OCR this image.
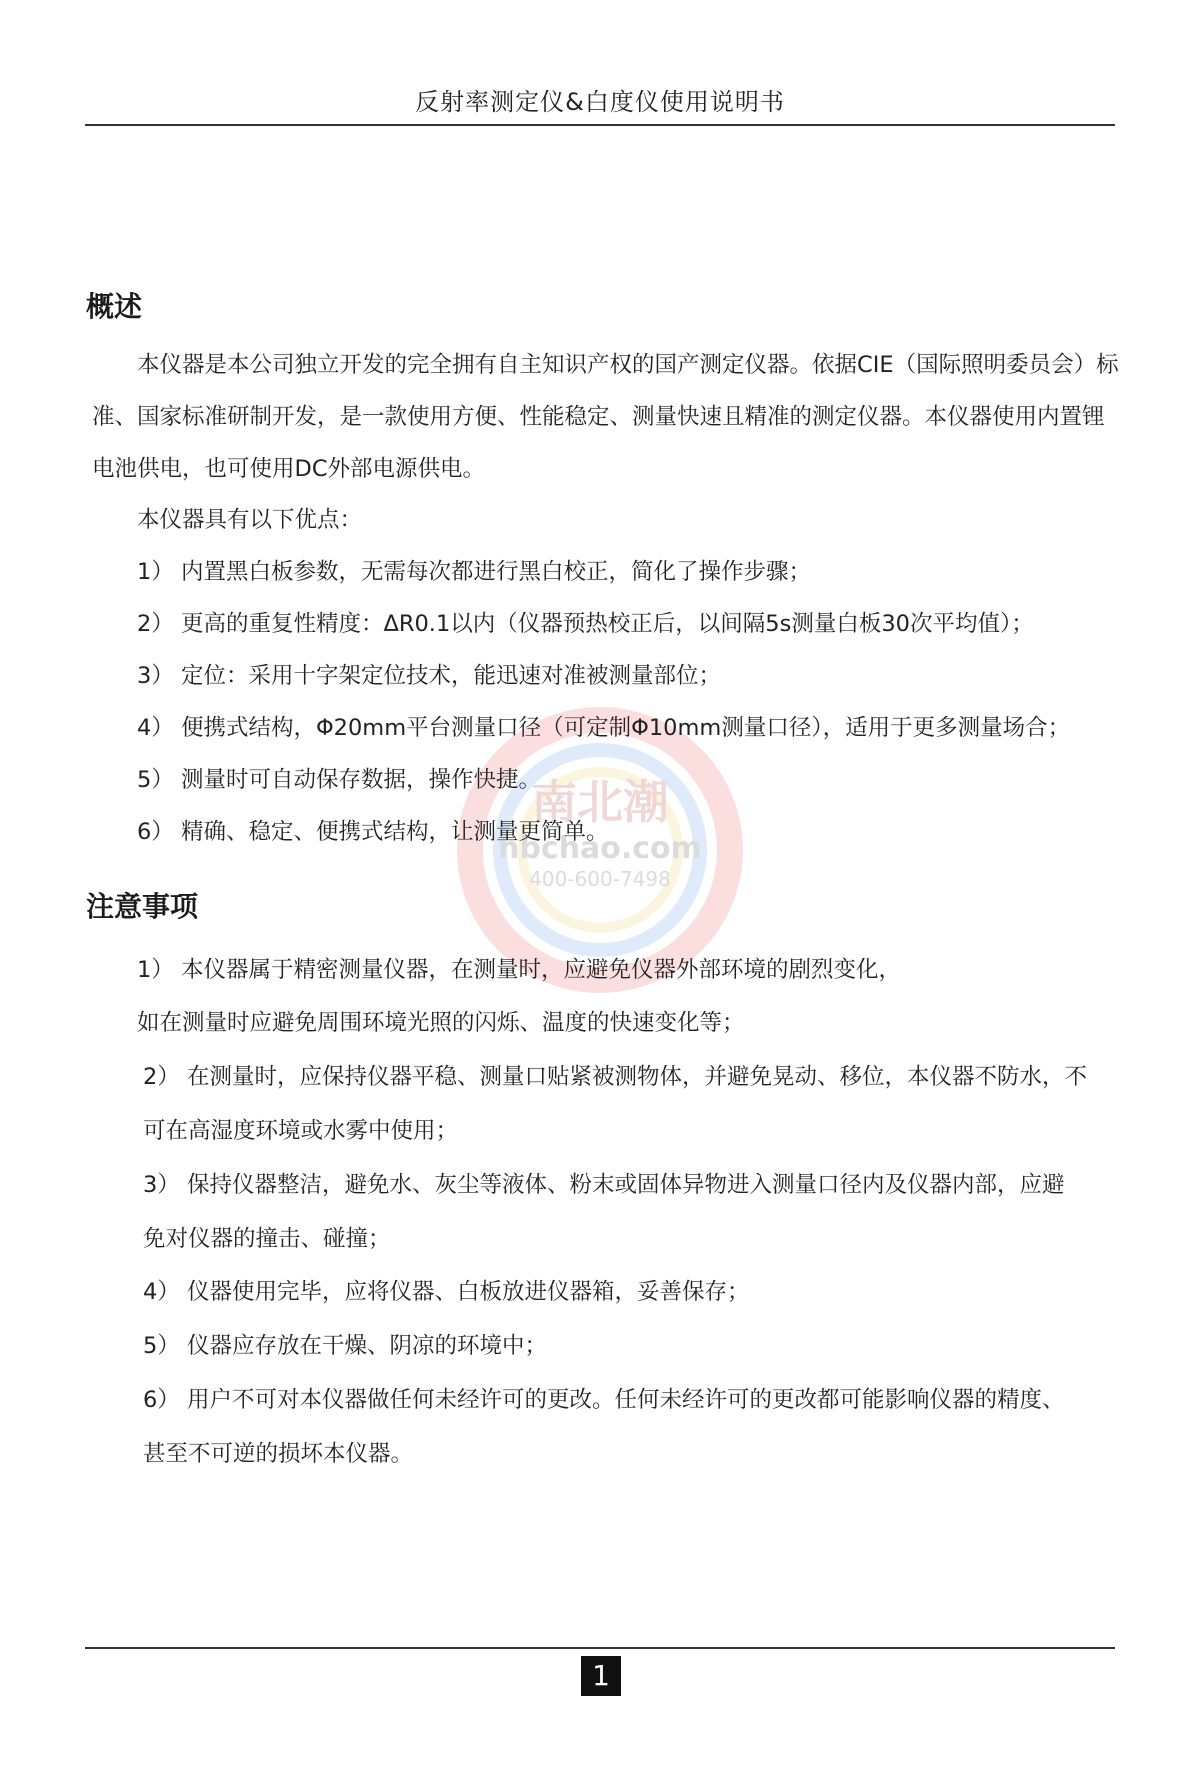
反射率测定仪&白度仪使用说明书
南北潮
nbchao.com
400-600-7498
概述

本仪器是本公司独立开发的完全拥有自主知识产权的国产测定仪器。依据CIE（国际照明委员会）标准、国家标准研制开发，是一款使用方便、性能稳定、测量快速且精准的测定仪器。本仪器使用内置锂电池供电，也可使用DC外部电源供电。

本仪器具有以下优点：

1） 内置黑白板参数，无需每次都进行黑白校正，简化了操作步骤；

2） 更高的重复性精度：ΔR0.1以内（仪器预热校正后，以间隔5s测量白板30次平均值）；

3） 定位：采用十字架定位技术，能迅速对准被测量部位；

4） 便携式结构，Φ20mm平台测量口径（可定制Φ10mm测量口径），适用于更多测量场合；

5） 测量时可自动保存数据，操作快捷。

6） 精确、稳定、便携式结构，让测量更简单。

注意事项

1） 本仪器属于精密测量仪器，在测量时，应避免仪器外部环境的剧烈变化，

如在测量时应避免周围环境光照的闪烁、温度的快速变化等；

2） 在测量时，应保持仪器平稳、测量口贴紧被测物体，并避免晃动、移位，本仪器不防水，不

可在高湿度环境或水雾中使用；

3） 保持仪器整洁，避免水、灰尘等液体、粉末或固体异物进入测量口径内及仪器内部，应避

免对仪器的撞击、碰撞；

4） 仪器使用完毕，应将仪器、白板放进仪器箱，妥善保存；

5） 仪器应存放在干燥、阴凉的环境中；

6） 用户不可对本仪器做任何未经许可的更改。任何未经许可的更改都可能影响仪器的精度、

甚至不可逆的损坏本仪器。

1
